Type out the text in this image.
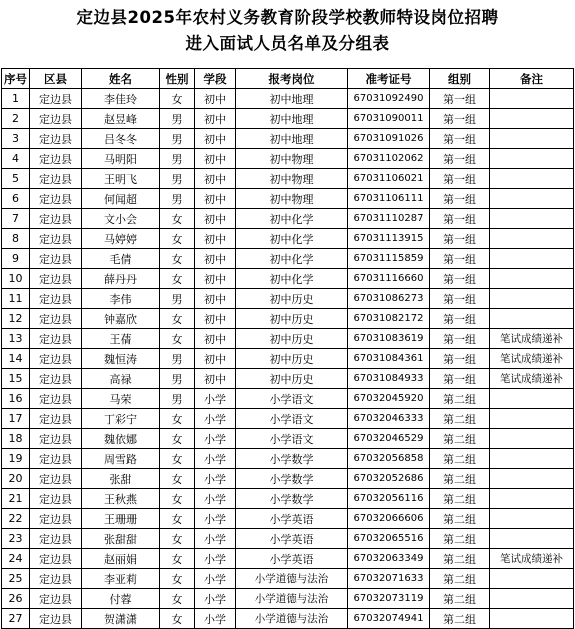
定边县2025年农村义务教育阶段学校教师特设岗位招聘
进入面试人员名单及分组表
序号	区县	姓名	性别	学段	报考岗位	准考证号	组别	备注
1	定边县	李佳玲	女	初中	初中地理	67031092490	第一组	
2	定边县	赵昱峰	男	初中	初中地理	67031090011	第一组	
3	定边县	吕冬冬	男	初中	初中地理	67031091026	第一组	
4	定边县	马明阳	男	初中	初中物理	67031102062	第一组	
5	定边县	王明飞	男	初中	初中物理	67031106021	第一组	
6	定边县	何闻超	男	初中	初中物理	67031106111	第一组	
7	定边县	文小会	女	初中	初中化学	67031110287	第一组	
8	定边县	马婷婷	女	初中	初中化学	67031113915	第一组	
9	定边县	毛倩	女	初中	初中化学	67031115859	第一组	
10	定边县	薛丹丹	女	初中	初中化学	67031116660	第一组	
11	定边县	李伟	男	初中	初中历史	67031086273	第一组	
12	定边县	钟嘉欣	女	初中	初中历史	67031082172	第一组	
13	定边县	王蒨	女	初中	初中历史	67031083619	第一组	笔试成绩递补
14	定边县	魏恒涛	男	初中	初中历史	67031084361	第一组	笔试成绩递补
15	定边县	高禄	男	初中	初中历史	67031084933	第一组	笔试成绩递补
16	定边县	马荣	男	小学	小学语文	67032045920	第二组	
17	定边县	丁彩宁	女	小学	小学语文	67032046333	第二组	
18	定边县	魏依娜	女	小学	小学语文	67032046529	第二组	
19	定边县	周雪路	女	小学	小学数学	67032056858	第二组	
20	定边县	张甜	女	小学	小学数学	67032052686	第二组	
21	定边县	王秋燕	女	小学	小学数学	67032056116	第二组	
22	定边县	王珊珊	女	小学	小学英语	67032066606	第二组	
23	定边县	张甜甜	女	小学	小学英语	67032065516	第二组	
24	定边县	赵丽娟	女	小学	小学英语	67032063349	第二组	笔试成绩递补
25	定边县	李亚莉	女	小学	小学道德与法治	67032071633	第二组	
26	定边县	付蓉	女	小学	小学道德与法治	67032073119	第二组	
27	定边县	贺潇潇	女	小学	小学道德与法治	67032074941	第二组	
